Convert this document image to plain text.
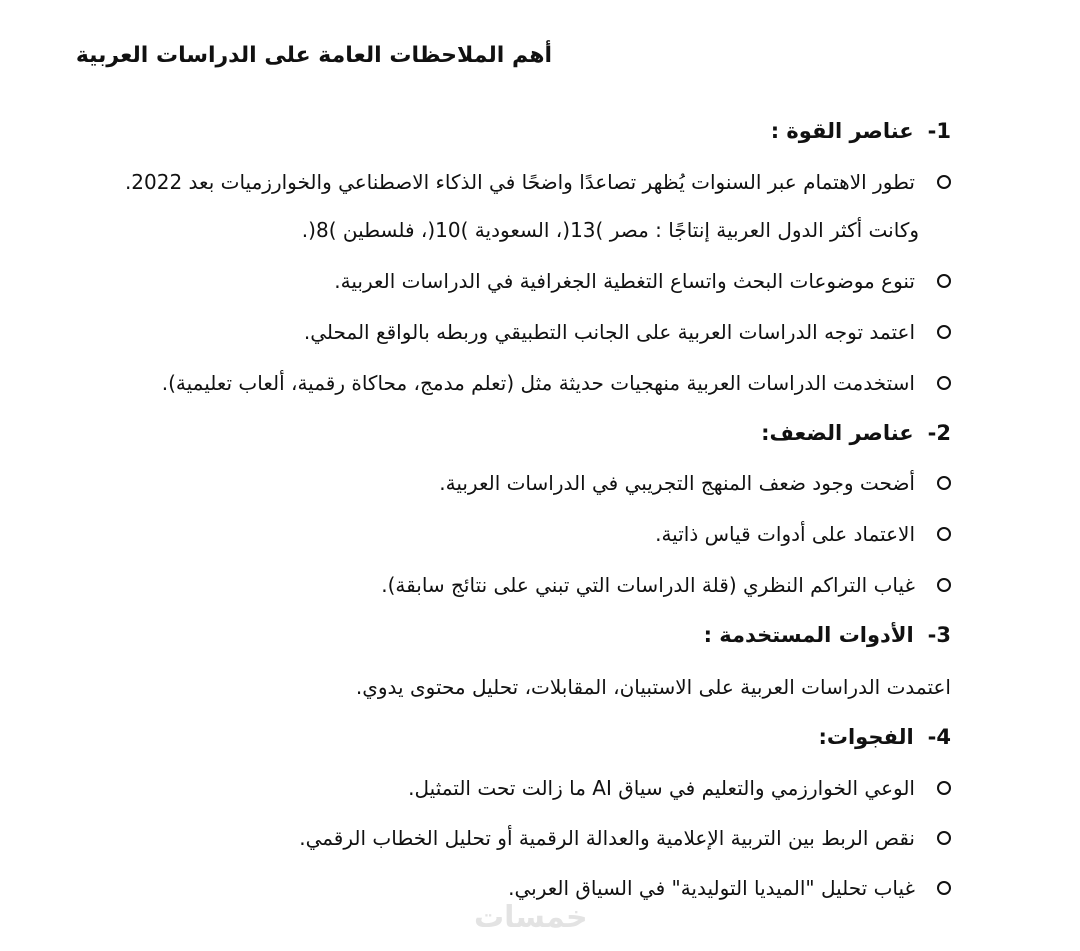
أهم الملاحظات العامة على الدراسات العربية
1-عناصر القوة :
تطور الاهتمام عبر السنوات يُظهر تصاعدًا واضحًا في الذكاء الاصطناعي والخوارزميات بعد 2022.
وكانت أكثر الدول العربية إنتاجًا : مصر )13(، السعودية )10(، فلسطين )8(.
تنوع موضوعات البحث واتساع التغطية الجغرافية في الدراسات العربية.
اعتمد توجه الدراسات العربية على الجانب التطبيقي وربطه بالواقع المحلي.
استخدمت الدراسات العربية منهجيات حديثة مثل (تعلم مدمج، محاكاة رقمية، ألعاب تعليمية).
2-عناصر الضعف:
أضحت وجود ضعف المنهج التجريبي في الدراسات العربية.
الاعتماد على أدوات قياس ذاتية.
غياب التراكم النظري (قلة الدراسات التي تبني على نتائج سابقة).
3-الأدوات المستخدمة :
اعتمدت الدراسات العربية على الاستبيان، المقابلات، تحليل محتوى يدوي.
4-الفجوات:
الوعي الخوارزمي والتعليم في سياق AI ما زالت تحت التمثيل.
نقص الربط بين التربية الإعلامية والعدالة الرقمية أو تحليل الخطاب الرقمي.
غياب تحليل "الميديا التوليدية" في السياق العربي.
خمسات
